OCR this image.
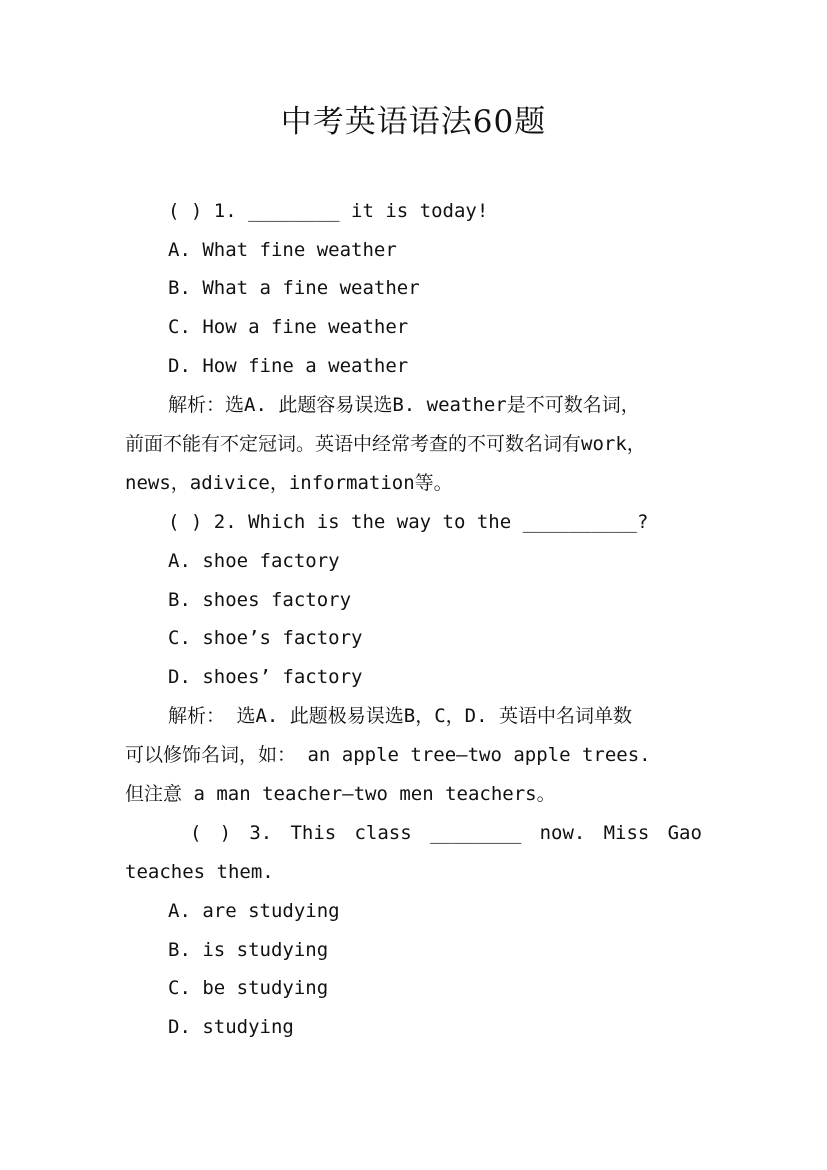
中考英语语法60题
( ) 1. ________ it is today!
A. What fine weather
B. What a fine weather
C. How a fine weather
D. How fine a weather
解析：选A. 此题容易误选B. weather是不可数名词，
前面不能有不定冠词。英语中经常考查的不可数名词有work，
news，adivice，information等。
( ) 2. Which is the way to the __________?
A. shoe factory
B. shoes factory
C. shoe’s factory
D. shoes’ factory
解析： 选A. 此题极易误选B，C，D. 英语中名词单数
可以修饰名词，如： an apple tree—two apple trees.
但注意 a man teacher—two men teachers。
( ) 3. This class ________ now. Miss Gao
teaches them.
A. are studying
B. is studying
C. be studying
D. studying
